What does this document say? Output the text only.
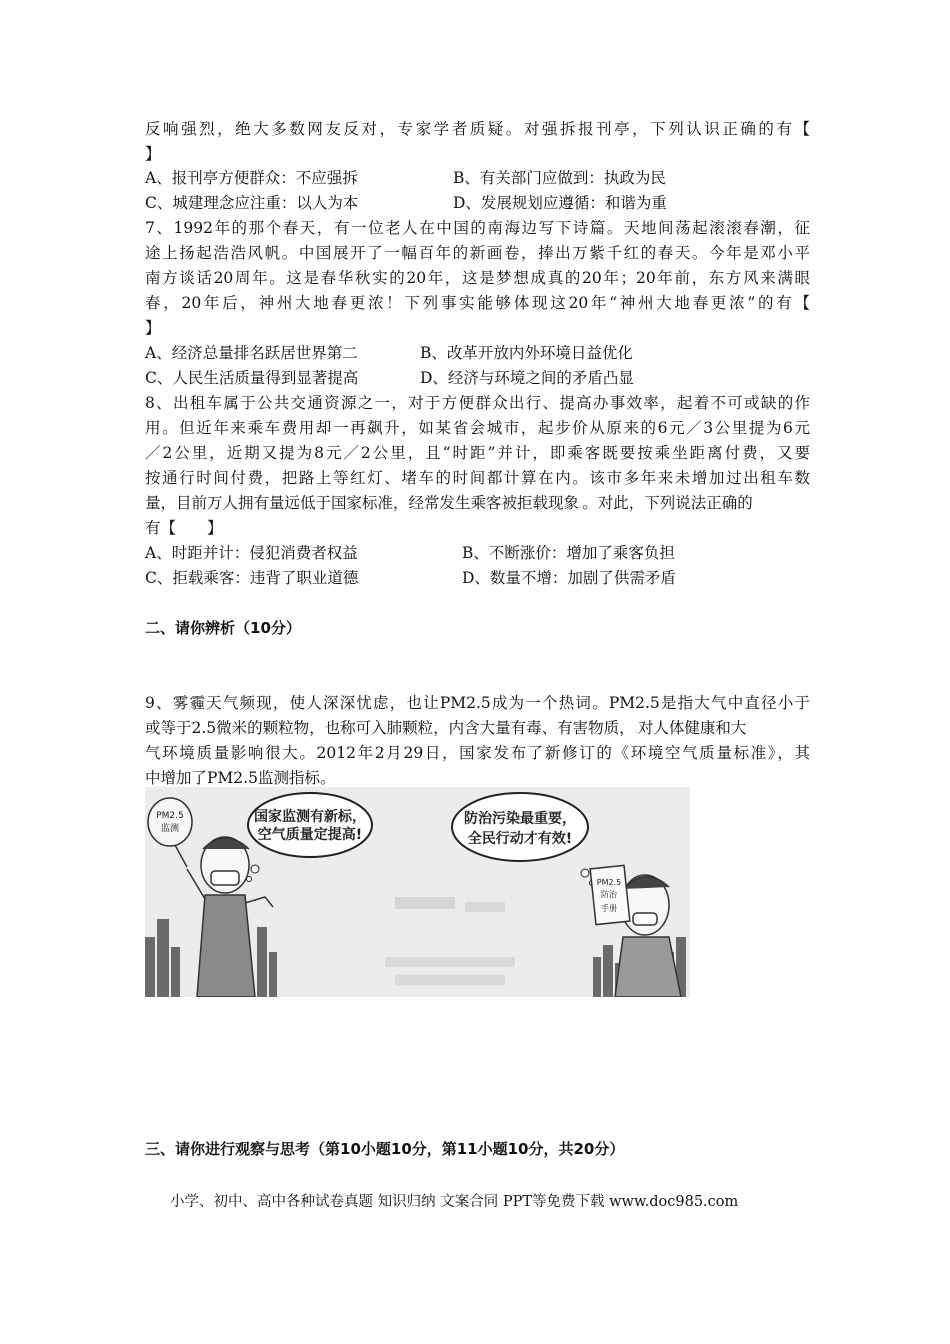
反响强烈，绝大多数网友反对，专家学者质疑。对强拆报刊亭，下列认识正确的有【
】
A、报刊亭方便群众：不应强拆	B、有关部门应做到：执政为民
C、城建理念应注重：以人为本	D、发展规划应遵循：和谐为重
7、1992年的那个春天，有一位老人在中国的南海边写下诗篇。天地间荡起滚滚春潮，征
途上扬起浩浩风帆。中国展开了一幅百年的新画卷，捧出万紫千红的春天。今年是邓小平
南方谈话20周年。这是春华秋实的20年，这是梦想成真的20年；20年前，东方风来满眼
春，20年后，神州大地春更浓！下列事实能够体现这20年“神州大地春更浓”的有【
】
A、经济总量排名跃居世界第二	B、改革开放内外环境日益优化
C、人民生活质量得到显著提高	D、经济与环境之间的矛盾凸显
8、出租车属于公共交通资源之一，对于方便群众出行、提高办事效率，起着不可或缺的作
用。但近年来乘车费用却一再飙升，如某省会城市，起步价从原来的6元／3公里提为6元
／2公里，近期又提为8元／2公里，且“时距”并计，即乘客既要按乘坐距离付费，又要
按通行时间付费，把路上等红灯、堵车的时间都计算在内。该市多年来未增加过出租车数
量，目前万人拥有量远低于国家标准，经常发生乘客被拒载现象.。对此，下列说法正确的
有【　　】
A、时距并计：侵犯消费者权益	B、不断涨价：增加了乘客负担
C、拒载乘客：违背了职业道德	D、数量不增：加剧了供需矛盾
二、请你辨析（10分）
9、雾霾天气频现，使人深深忧虑，也让PM2.5成为一个热词。PM2.5是指大气中直径小于
或等于2.5微米的颗粒物，也称可入肺颗粒，内含大量有毒、有害物质，.对人体健康和大
气环境质量影响很大。2012年2月29日，国家发布了新修订的《环境空气质量标准》，其
中增加了PM2.5监测指标。
PM2.5
监测
国家监测有新标，
空气质量定提高!
防治污染最重要，
全民行动才有效!
PM2.5
防治
手册
三、请你进行观察与思考（第10小题10分，第11小题10分，共20分）
小学、初中、高中各种试卷真题 知识归纳 文案合同 PPT等免费下载 www.doc985.com
